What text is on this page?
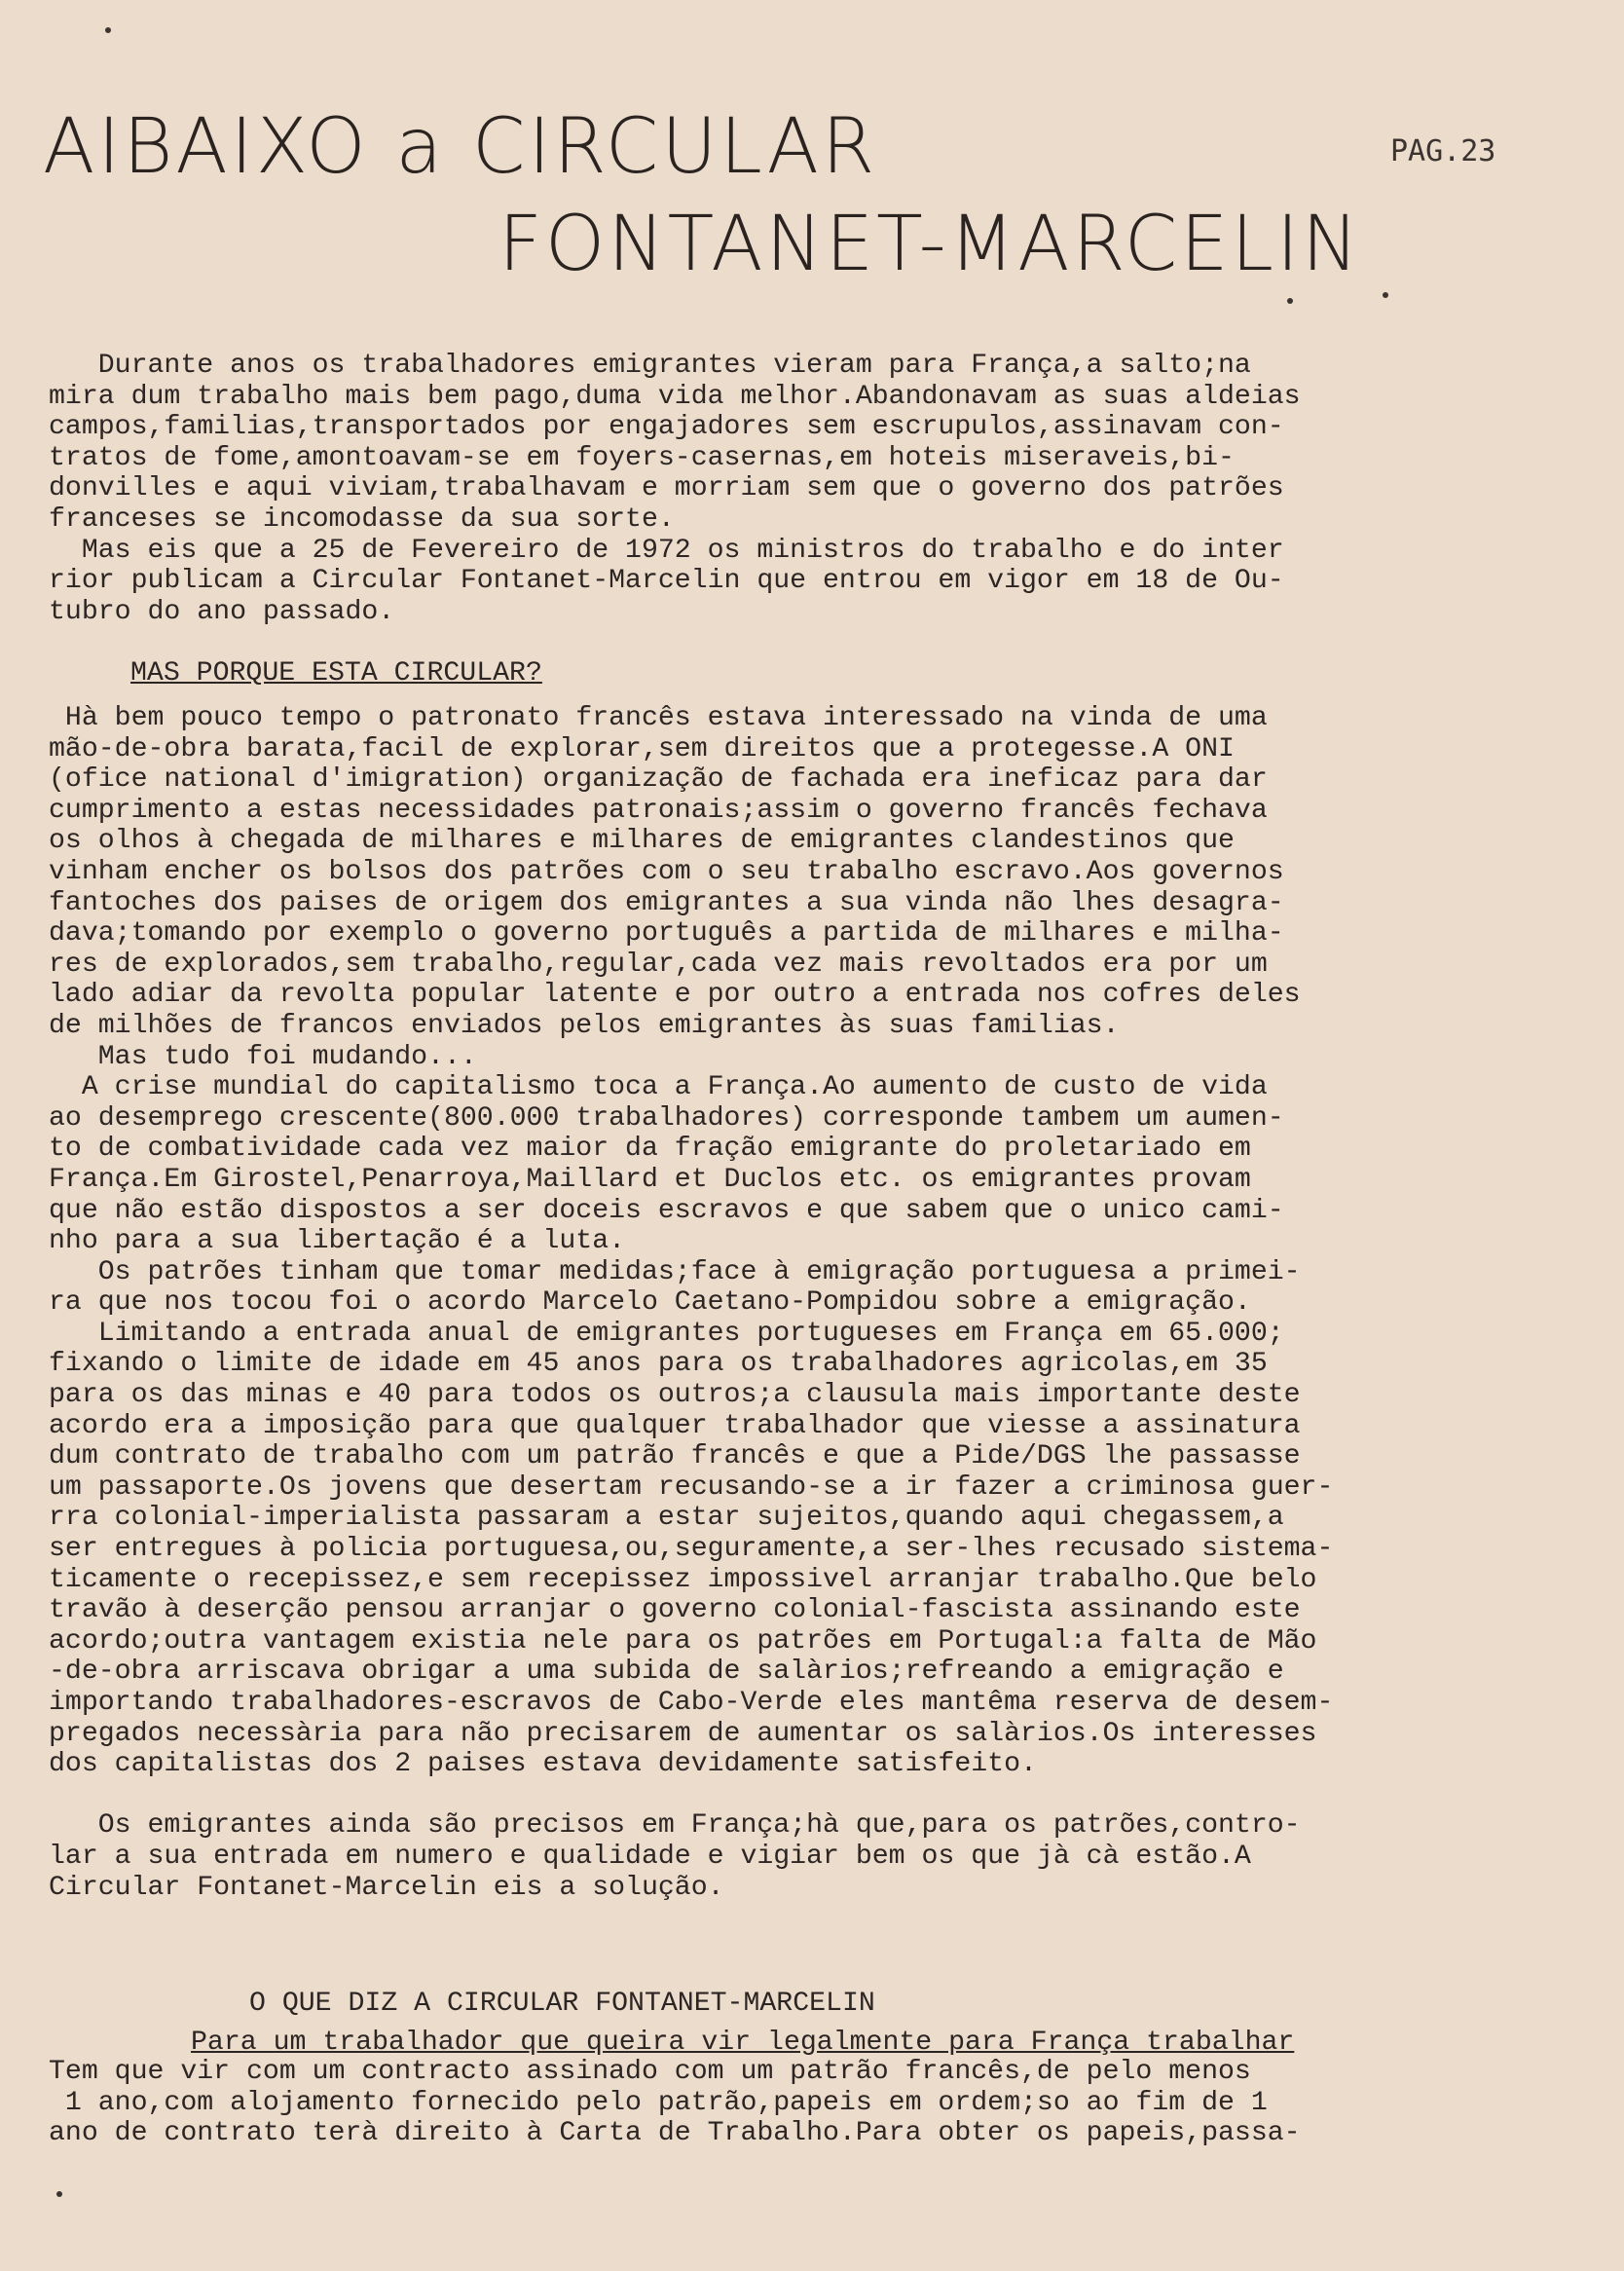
AIBAIXO a CIRCULAR
FONTANET-MARCELIN
PAG.23
Durante anos os trabalhadores emigrantes vieram para França,a salto;na
mira dum trabalho mais bem pago,duma vida melhor.Abandonavam as suas aldeias
campos,familias,transportados por engajadores sem escrupulos,assinavam con-
tratos de fome,amontoavam-se em foyers-casernas,em hoteis miseraveis,bi-
donvilles e aqui viviam,trabalhavam e morriam sem que o governo dos patrões
franceses se incomodasse da sua sorte.
Mas eis que a 25 de Fevereiro de 1972 os ministros do trabalho e do inter
rior publicam a Circular Fontanet-Marcelin que entrou em vigor em 18 de Ou-
tubro do ano passado.
MAS PORQUE ESTA CIRCULAR?
Hà bem pouco tempo o patronato francês estava interessado na vinda de uma
mão-de-obra barata,facil de explorar,sem direitos que a protegesse.A ONI
(ofice national d'imigration) organização de fachada era ineficaz para dar
cumprimento a estas necessidades patronais;assim o governo francês fechava
os olhos à chegada de milhares e milhares de emigrantes clandestinos que
vinham encher os bolsos dos patrões com o seu trabalho escravo.Aos governos
fantoches dos paises de origem dos emigrantes a sua vinda não lhes desagra-
dava;tomando por exemplo o governo português a partida de milhares e milha-
res de explorados,sem trabalho,regular,cada vez mais revoltados era por um
lado adiar da revolta popular latente e por outro a entrada nos cofres deles
de milhões de francos enviados pelos emigrantes às suas familias.
Mas tudo foi mudando...
A crise mundial do capitalismo toca a França.Ao aumento de custo de vida
ao desemprego crescente(800.000 trabalhadores) corresponde tambem um aumen-
to de combatividade cada vez maior da fração emigrante do proletariado em
França.Em Girostel,Penarroya,Maillard et Duclos etc. os emigrantes provam
que não estão dispostos a ser doceis escravos e que sabem que o unico cami-
nho para a sua libertação é a luta.
Os patrões tinham que tomar medidas;face à emigração portuguesa a primei-
ra que nos tocou foi o acordo Marcelo Caetano-Pompidou sobre a emigração.
Limitando a entrada anual de emigrantes portugueses em França em 65.000;
fixando o limite de idade em 45 anos para os trabalhadores agricolas,em 35
para os das minas e 40 para todos os outros;a clausula mais importante deste
acordo era a imposição para que qualquer trabalhador que viesse a assinatura
dum contrato de trabalho com um patrão francês e que a Pide/DGS lhe passasse
um passaporte.Os jovens que desertam recusando-se a ir fazer a criminosa guer-
rra colonial-imperialista passaram a estar sujeitos,quando aqui chegassem,a
ser entregues à policia portuguesa,ou,seguramente,a ser-lhes recusado sistema-
ticamente o recepissez,e sem recepissez impossivel arranjar trabalho.Que belo
travão à deserção pensou arranjar o governo colonial-fascista assinando este
acordo;outra vantagem existia nele para os patrões em Portugal:a falta de Mão
-de-obra arriscava obrigar a uma subida de salàrios;refreando a emigração e
importando trabalhadores-escravos de Cabo-Verde eles mantêma reserva de desem-
pregados necessària para não precisarem de aumentar os salàrios.Os interesses
dos capitalistas dos 2 paises estava devidamente satisfeito.
Os emigrantes ainda são precisos em França;hà que,para os patrões,contro-
lar a sua entrada em numero e qualidade e vigiar bem os que jà cà estão.A
Circular Fontanet-Marcelin eis a solução.
O QUE DIZ A CIRCULAR FONTANET-MARCELIN
Para um trabalhador que queira vir legalmente para França trabalhar
Tem que vir com um contracto assinado com um patrão francês,de pelo menos
1 ano,com alojamento fornecido pelo patrão,papeis em ordem;so ao fim de 1
ano de contrato terà direito à Carta de Trabalho.Para obter os papeis,passa-
